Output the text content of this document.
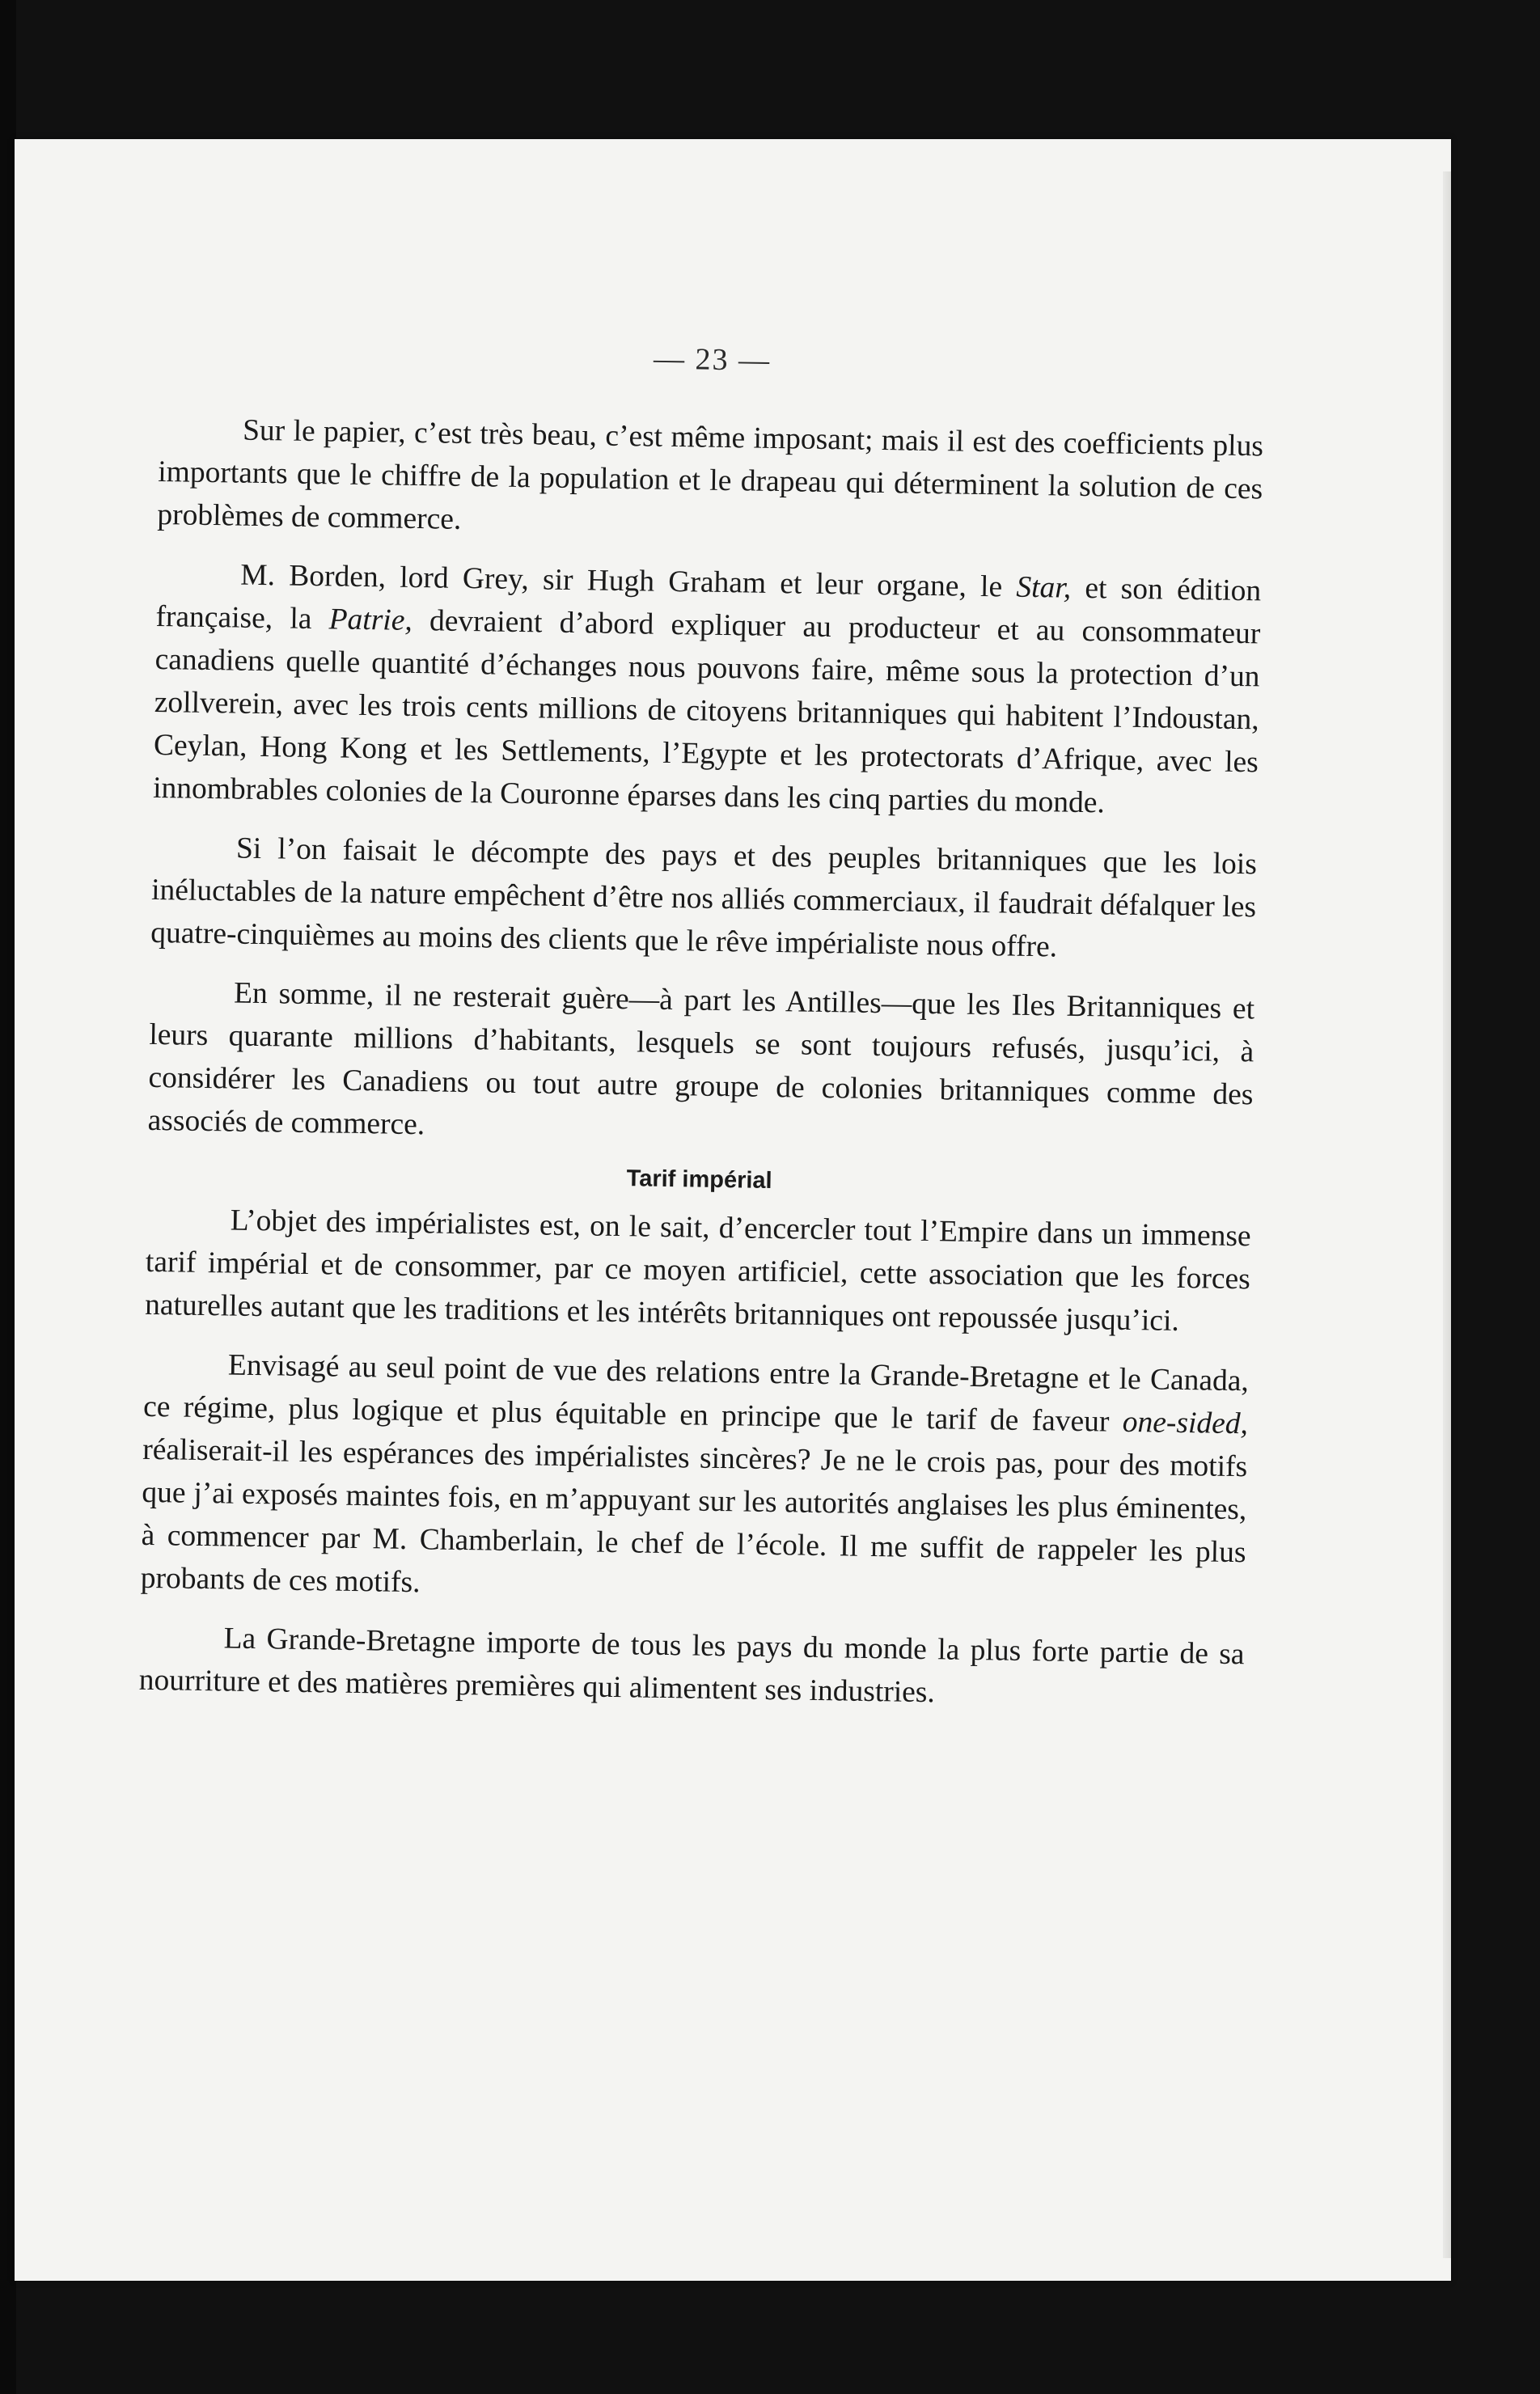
— 23 —

Sur le papier, c’est très beau, c’est même imposant; mais il est des coefficients plus importants que le chiffre de la population et le drapeau qui déterminent la solution de ces problèmes de commerce.

M. Borden, lord Grey, sir Hugh Graham et leur organe, le Star, et son édition française, la Patrie, devraient d’abord expliquer au producteur et au consommateur canadiens quelle quantité d’échanges nous pouvons faire, même sous la protection d’un zollverein, avec les trois cents millions de citoyens britanniques qui habitent l’Indoustan, Ceylan, Hong Kong et les Settlements, l’Egypte et les protectorats d’Afrique, avec les innombrables colonies de la Couronne éparses dans les cinq parties du monde.

Si l’on faisait le décompte des pays et des peuples britanniques que les lois inéluctables de la nature empêchent d’être nos alliés commerciaux, il faudrait défalquer les quatre-cinquièmes au moins des clients que le rêve impérialiste nous offre.

En somme, il ne resterait guère—à part les Antilles—que les Iles Britanniques et leurs quarante millions d’habitants, lesquels se sont toujours refusés, jusqu’ici, à considérer les Canadiens ou tout autre groupe de colonies britanniques comme des associés de commerce.

Tarif impérial

L’objet des impérialistes est, on le sait, d’encercler tout l’Empire dans un immense tarif impérial et de consommer, par ce moyen artificiel, cette association que les forces naturelles autant que les traditions et les intérêts britanniques ont repoussée jusqu’ici.

Envisagé au seul point de vue des relations entre la Grande-Bretagne et le Canada, ce régime, plus logique et plus équitable en principe que le tarif de faveur one-sided, réaliserait-il les espérances des impérialistes sincères? Je ne le crois pas, pour des motifs que j’ai exposés maintes fois, en m’appuyant sur les autorités anglaises les plus éminentes, à commencer par M. Chamberlain, le chef de l’école. Il me suffit de rappeler les plus probants de ces motifs.

La Grande-Bretagne importe de tous les pays du monde la plus forte partie de sa nourriture et des matières premières qui alimentent ses industries.
